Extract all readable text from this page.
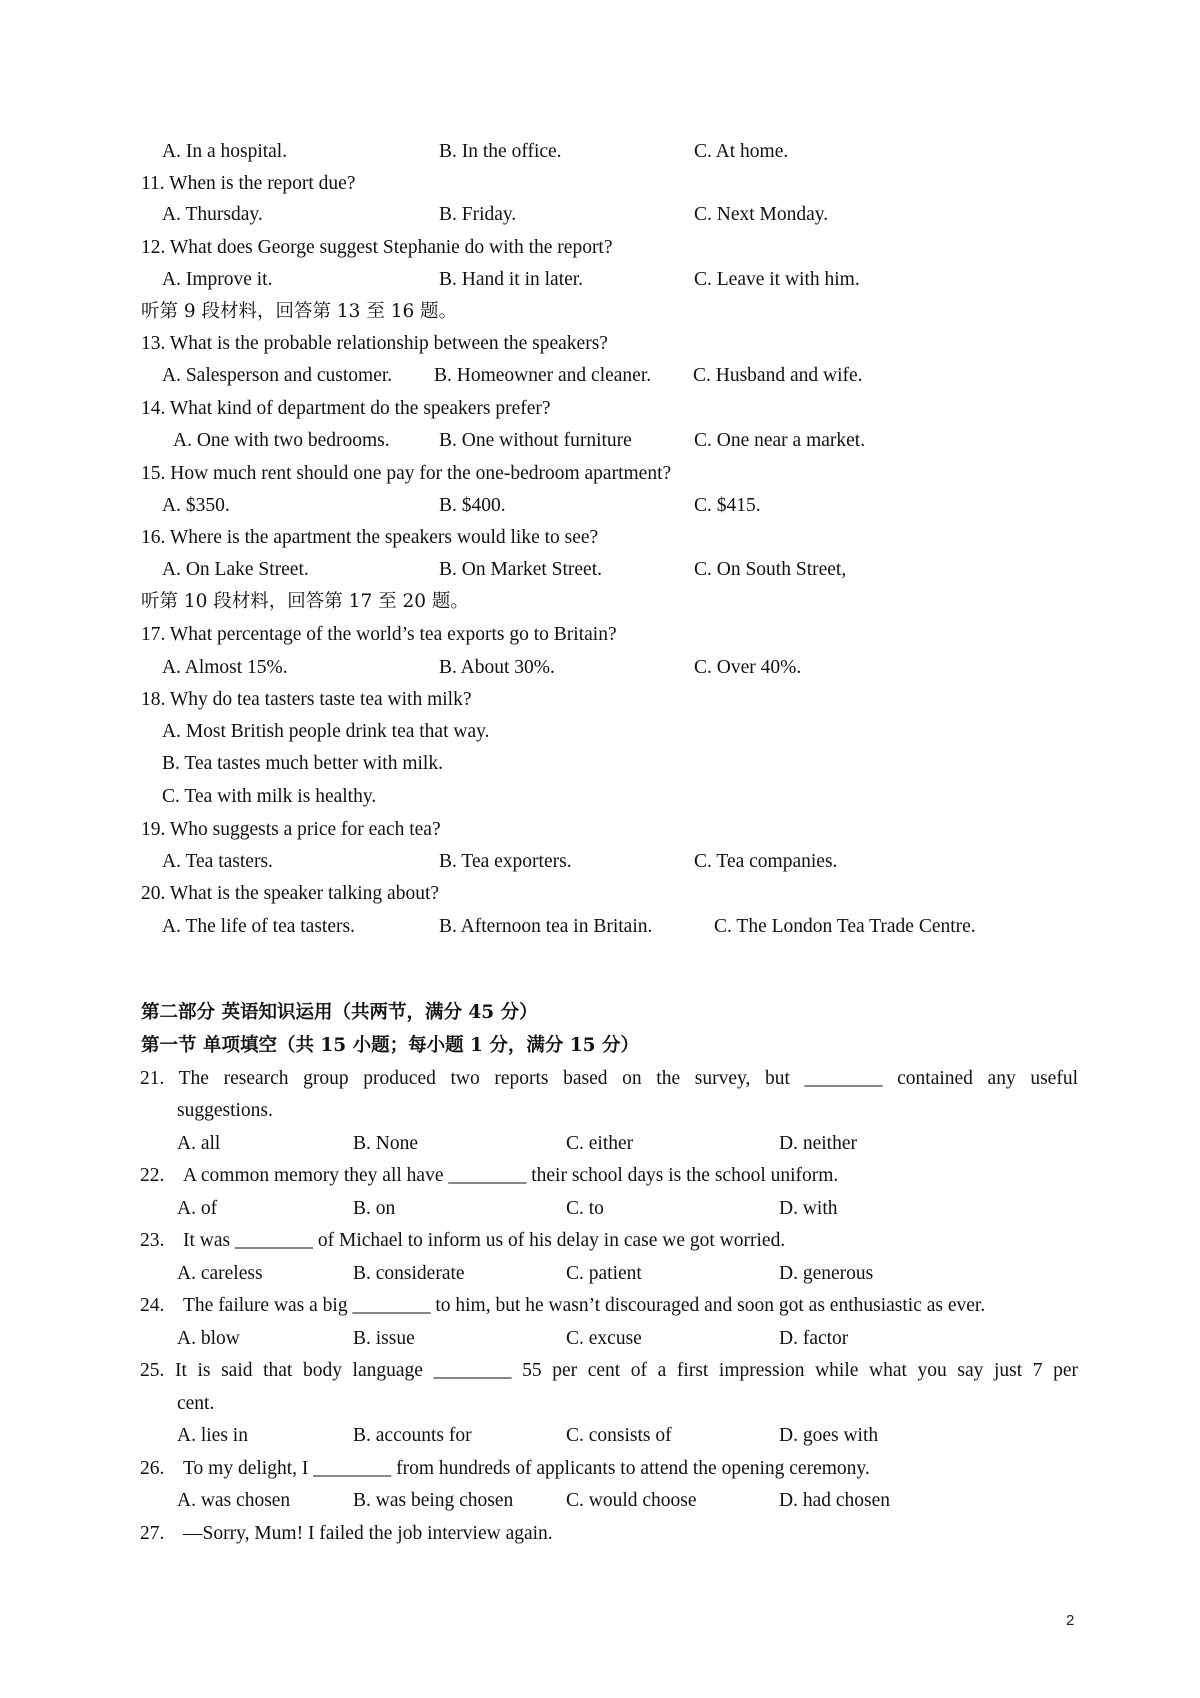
A. In a hospital.	B. In the office.	C. At home.
11. When is the report due?
A. Thursday.	B. Friday.	C. Next Monday.
12. What does George suggest Stephanie do with the report?
A. Improve it.	B. Hand it in later.	C. Leave it with him.
听第 9 段材料，回答第 13 至 16 题。
13. What is the probable relationship between the speakers?
A. Salesperson and customer. B. Homeowner and cleaner. C. Husband and wife.
14. What kind of department do the speakers prefer?
A. One with two bedrooms.	B. One without furniture	C. One near a market.
15. How much rent should one pay for the one-bedroom apartment?
A. $350.	B. $400.	C. $415.
16. Where is the apartment the speakers would like to see?
A. On Lake Street.	B. On Market Street.	C. On South Street,
听第 10 段材料，回答第 17 至 20 题。
17. What percentage of the world’s tea exports go to Britain?
A. Almost 15%.	B. About 30%.	C. Over 40%.
18. Why do tea tasters taste tea with milk?
A. Most British people drink tea that way.
B. Tea tastes much better with milk.
C. Tea with milk is healthy.
19. Who suggests a price for each tea?
A. Tea tasters.	B. Tea exporters.	C. Tea companies.
20. What is the speaker talking about?
A. The life of tea tasters.	B. Afternoon tea in Britain.	C. The London Tea Trade Centre.
第二部分 英语知识运用（共两节，满分 45 分）
第一节 单项填空（共 15 小题；每小题 1 分，满分 15 分）
21. The research group produced two reports based on the survey, but ________ contained any useful
suggestions.
A. all	B. None	C. either	D. neither
22. A common memory they all have ________ their school days is the school uniform.
A. of	B. on	C. to	D. with
23. It was ________ of Michael to inform us of his delay in case we got worried.
A. careless	B. considerate	C. patient	D. generous
24. The failure was a big ________ to him, but he wasn’t discouraged and soon got as enthusiastic as ever.
A. blow	B. issue	C. excuse	D. factor
25. It is said that body language ________ 55 per cent of a first impression while what you say just 7 per
cent.
A. lies in	B. accounts for	C. consists of	D. goes with
26. To my delight, I ________ from hundreds of applicants to attend the opening ceremony.
A. was chosen	B. was being chosen	C. would choose	D. had chosen
27. —Sorry, Mum! I failed the job interview again.
2
